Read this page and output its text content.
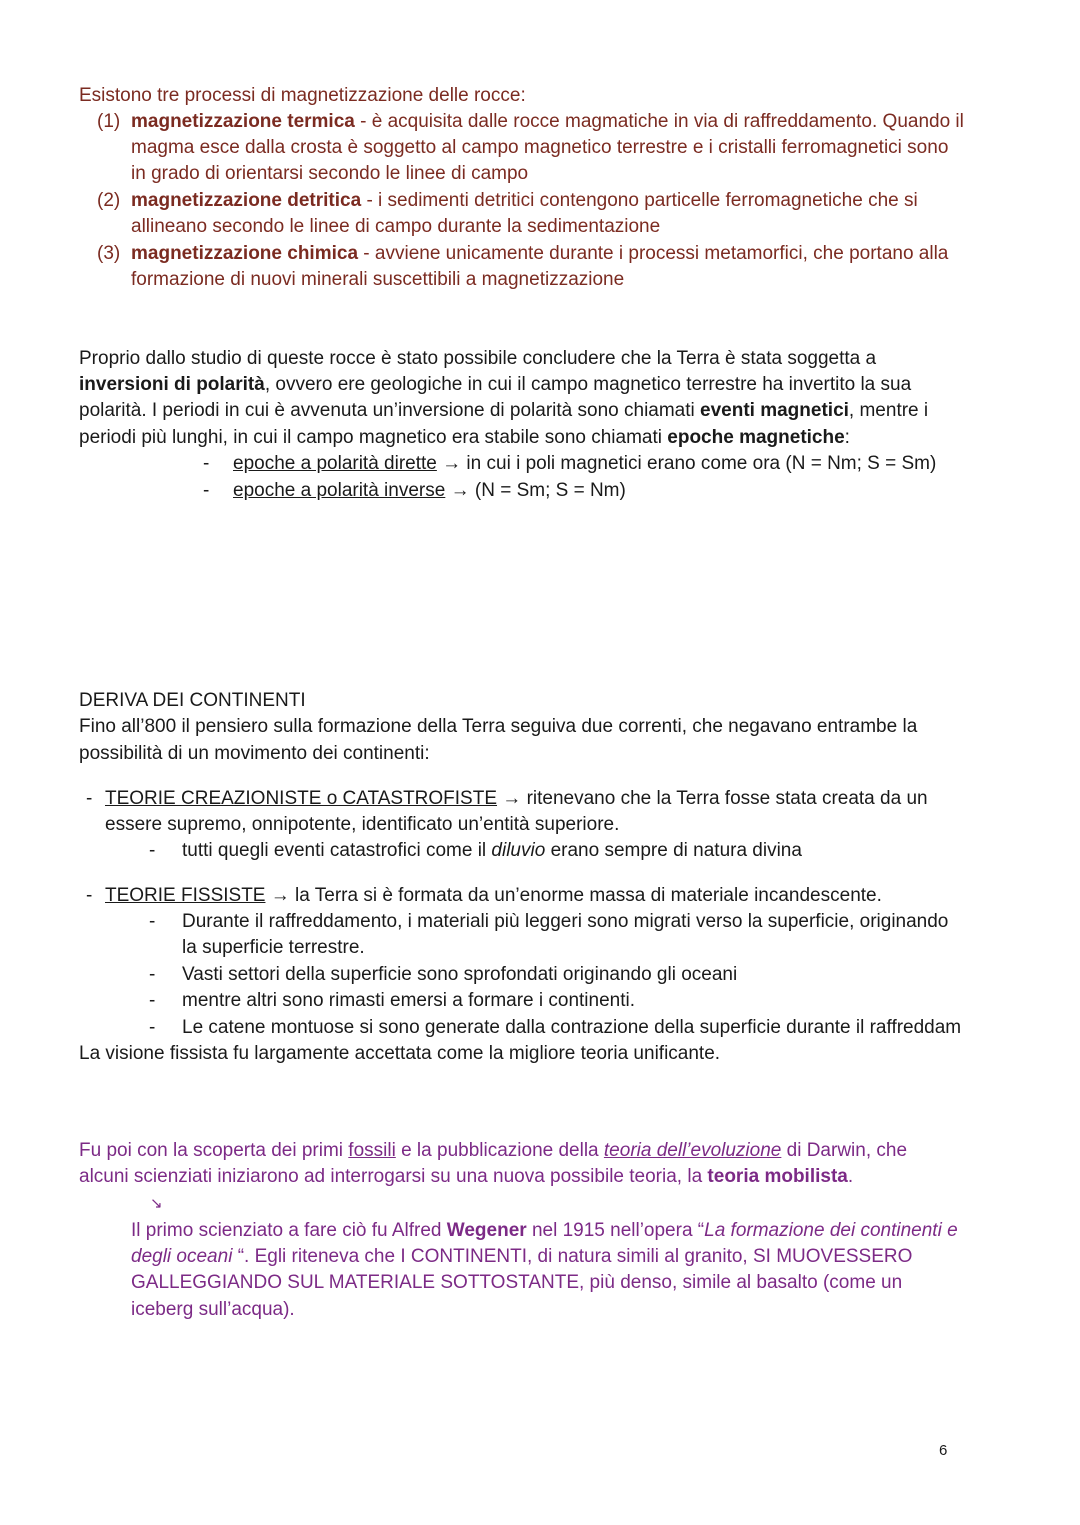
Esistono tre processi di magnetizzazione delle rocce:
(1) magnetizzazione termica - è acquisita dalle rocce magmatiche in via di raffreddamento. Quando il
magma esce dalla crosta è soggetto al campo magnetico terrestre e i cristalli ferromagnetici sono
in grado di orientarsi secondo le linee di campo
(2) magnetizzazione detritica - i sedimenti detritici contengono particelle ferromagnetiche che si
allineano secondo le linee di campo durante la sedimentazione
(3) magnetizzazione chimica - avviene unicamente durante i processi metamorfici, che portano alla
formazione di nuovi minerali suscettibili a magnetizzazione
Proprio dallo studio di queste rocce è stato possibile concludere che la Terra è stata soggetta a
inversioni di polarità, ovvero ere geologiche in cui il campo magnetico terrestre ha invertito la sua
polarità. I periodi in cui è avvenuta un’inversione di polarità sono chiamati eventi magnetici, mentre i
periodi più lunghi, in cui il campo magnetico era stabile sono chiamati epoche magnetiche:
- epoche a polarità dirette → in cui i poli magnetici erano come ora (N = Nm; S = Sm)
- epoche a polarità inverse → (N = Sm; S = Nm)
DERIVA DEI CONTINENTI
Fino all’800 il pensiero sulla formazione della Terra seguiva due correnti, che negavano entrambe la
possibilità di un movimento dei continenti:
- TEORIE CREAZIONISTE o CATASTROFISTE → ritenevano che la Terra fosse stata creata da un
essere supremo, onnipotente, identificato un’entità superiore.
- tutti quegli eventi catastrofici come il diluvio erano sempre di natura divina
- TEORIE FISSISTE → la Terra si è formata da un’enorme massa di materiale incandescente.
- Durante il raffreddamento, i materiali più leggeri sono migrati verso la superficie, originando
la superficie terrestre.
- Vasti settori della superficie sono sprofondati originando gli oceani
- mentre altri sono rimasti emersi a formare i continenti.
- Le catene montuose si sono generate dalla contrazione della superficie durante il raffreddam
La visione fissista fu largamente accettata come la migliore teoria unificante.
Fu poi con la scoperta dei primi fossili e la pubblicazione della teoria dell’evoluzione di Darwin, che
alcuni scienziati iniziarono ad interrogarsi su una nuova possibile teoria, la teoria mobilista.
↘
Il primo scienziato a fare ciò fu Alfred Wegener nel 1915 nell’opera “La formazione dei continenti e
degli oceani “. Egli riteneva che I CONTINENTI, di natura simili al granito, SI MUOVESSERO
GALLEGGIANDO SUL MATERIALE SOTTOSTANTE, più denso, simile al basalto (come un
iceberg sull’acqua).
6
